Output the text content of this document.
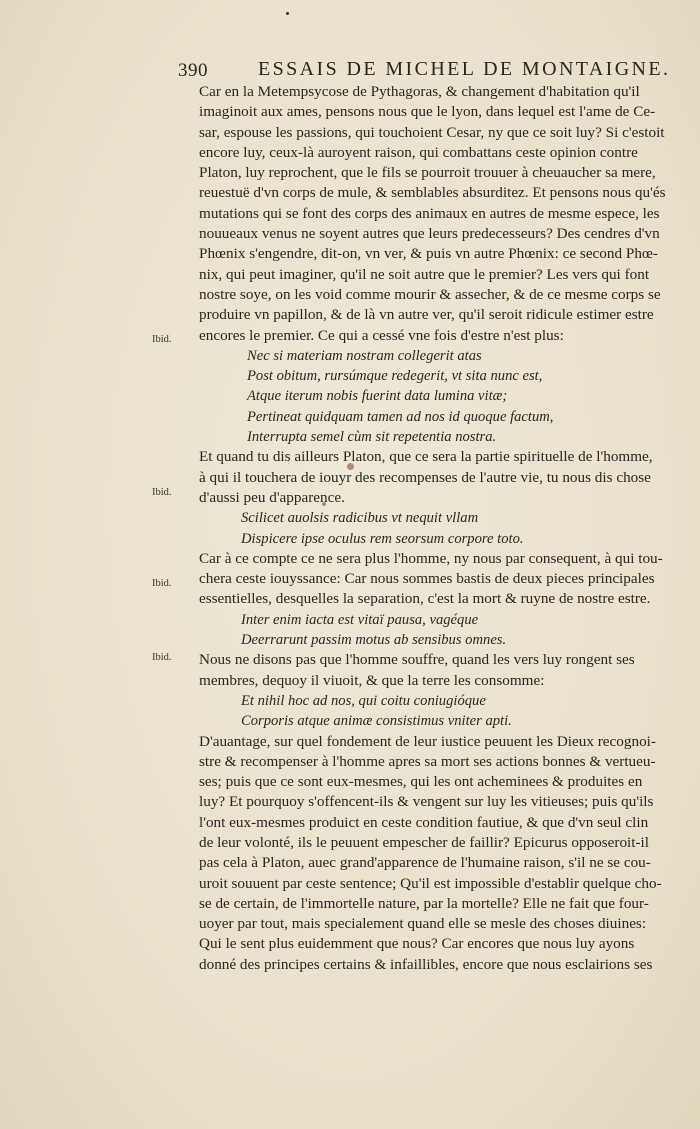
390	ESSAIS DE MICHEL DE MONTAIGNE.
Ibid.
Ibid.
Ibid.
Ibid.
Car en la Metempsycose de Pythagoras, & changement d'habitation qu'il
imaginoit aux ames, pensons nous que le lyon, dans lequel est l'ame de Ce-
sar, espouse les passions, qui touchoient Cesar, ny que ce soit luy? Si c'estoit
encore luy, ceux-là auroyent raison, qui combattans ceste opinion contre
Platon, luy reprochent, que le fils se pourroit trouuer à cheuaucher sa mere,
reuestuë d'vn corps de mule, & semblables absurditez. Et pensons nous qu'és
mutations qui se font des corps des animaux en autres de mesme espece, les
nouueaux venus ne soyent autres que leurs predecesseurs? Des cendres d'vn
Phœnix s'engendre, dit-on, vn ver, & puis vn autre Phœnix: ce second Phœ-
nix, qui peut imaginer, qu'il ne soit autre que le premier? Les vers qui font
nostre soye, on les void comme mourir & assecher, & de ce mesme corps se
produire vn papillon, & de là vn autre ver, qu'il seroit ridicule estimer estre
encores le premier. Ce qui a cessé vne fois d'estre n'est plus:
Nec si materiam nostram collegerit atas
Post obitum, rursúmque redegerit, vt sita nunc est,
Atque iterum nobis fuerint data lumina vitæ;
Pertineat quidquam tamen ad nos id quoque factum,
Interrupta semel cùm sit repetentia nostra.
Et quand tu dis ailleurs Platon, que ce sera la partie spirituelle de l'homme,
à qui il touchera de iouyr des recompenses de l'autre vie, tu nous dis chose
d'aussi peu d'apparence.
Scilicet auolsis radicibus vt nequit vllam
Dispicere ipse oculus rem seorsum corpore toto.
Car à ce compte ce ne sera plus l'homme, ny nous par consequent, à qui tou-
chera ceste iouyssance: Car nous sommes bastis de deux pieces principales
essentielles, desquelles la separation, c'est la mort & ruyne de nostre estre.
Inter enim iacta est vitaï pausa, vagéque
Deerrarunt passim motus ab sensibus omnes.
Nous ne disons pas que l'homme souffre, quand les vers luy rongent ses
membres, dequoy il viuoit, & que la terre les consomme:
Et nihil hoc ad nos, qui coitu coniugióque
Corporis atque animæ consistimus vniter apti.
D'auantage, sur quel fondement de leur iustice peuuent les Dieux recognoi-
stre & recompenser à l'homme apres sa mort ses actions bonnes & vertueu-
ses; puis que ce sont eux-mesmes, qui les ont acheminees & produites en
luy? Et pourquoy s'offencent-ils & vengent sur luy les vitieuses; puis qu'ils
l'ont eux-mesmes produict en ceste condition fautiue, & que d'vn seul clin
de leur volonté, ils le peuuent empescher de faillir? Epicurus opposeroit-il
pas cela à Platon, auec grand'apparence de l'humaine raison, s'il ne se cou-
uroit souuent par ceste sentence; Qu'il est impossible d'establir quelque cho-
se de certain, de l'immortelle nature, par la mortelle? Elle ne fait que four-
uoyer par tout, mais specialement quand elle se mesle des choses diuines:
Qui le sent plus euidemment que nous? Car encores que nous luy ayons
donné des principes certains & infaillibles, encore que nous esclairions ses
